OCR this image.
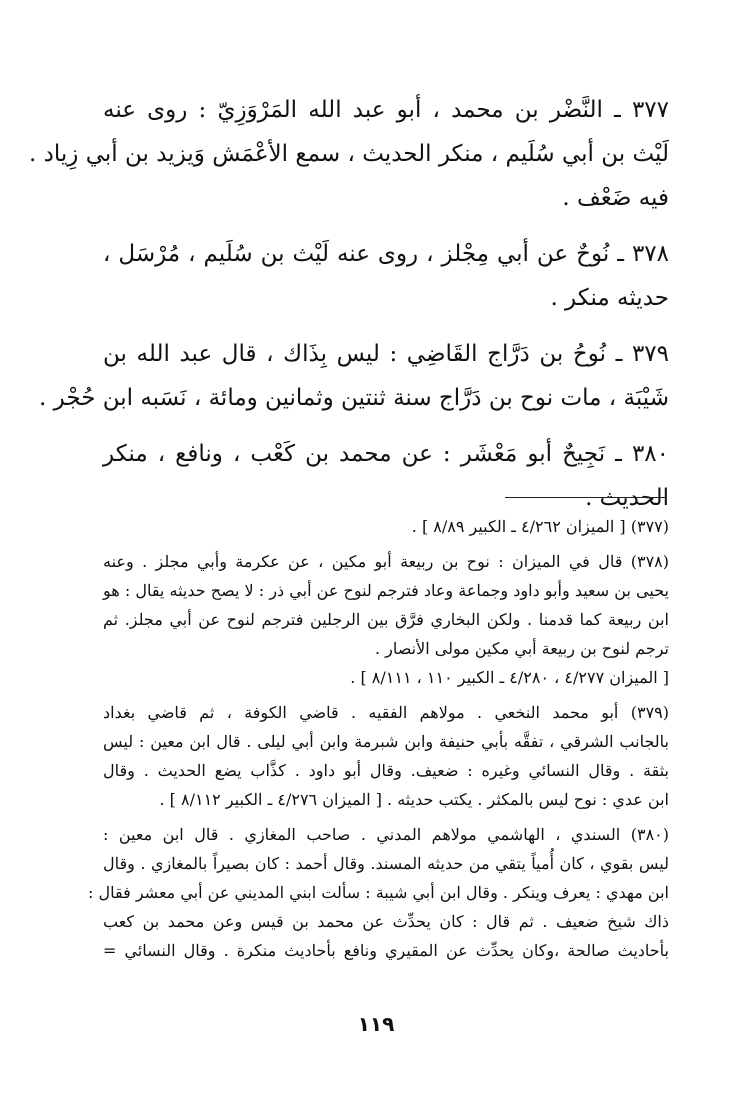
٣٧٧ ـ النَّضْر بن محمد ، أبو عبد الله المَرْوَزِيّ : روى عنه
لَيْث بن أبي سُلَيم ، منكر الحديث ، سمع الأعْمَش وَيزيد بن أبي زِياد .
فيه ضَعْف .
٣٧٨ ـ نُوحٌ عن أبي مِجْلز ، روى عنه لَيْث بن سُلَيم ، مُرْسَل ،
حديثه منكر .
٣٧٩ ـ نُوحُ بن دَرَّاج القَاضِي : ليس بِذَاك ، قال عبد الله بن
شَيْبَة ، مات نوح بن دَرَّاج سنة ثنتين وثمانين ومائة ، نَسَبه ابن حُجْر .
٣٨٠ ـ نَجِيحٌ أبو مَعْشَر : عن محمد بن كَعْب ، ونافع ، منكر
الحديث .
(٣٧٧) [ الميزان ٤/٢٦٢ ـ الكبير ٨/٨٩ ] .
(٣٧٨) قال في الميزان : نوح بن ربيعة أبو مكين ، عن عكرمة وأبي مجلز . وعنه
يحيى بن سعيد وأبو داود وجماعة وعاد فترجم لنوح عن أبي ذر : لا يصح حديثه يقال : هو
ابن ربيعة كما قدمنا . ولكن البخاري فرَّق بين الرجلين فترجم لنوح عن أبي مجلز. ثم
ترجم لنوح بن ربيعة أبي مكين مولى الأنصار .
[ الميزان ٤/٢٧٧ ، ٤/٢٨٠ ـ الكبير ١١٠ ، ٨/١١١ ] .
(٣٧٩) أبو محمد النخعي . مولاهم الفقيه . قاضي الكوفة ، ثم قاضي بغداد
بالجانب الشرقي ، تفقَّه بأبي حنيفة وابن شبرمة وابن أبي ليلى . قال ابن معين : ليس
بثقة . وقال النسائي وغيره : ضعيف. وقال أبو داود . كذَّاب يضع الحديث . وقال
ابن عدي : نوح ليس بالمكثر . يكتب حديثه . [ الميزان ٤/٢٧٦ ـ الكبير ٨/١١٢ ] .
(٣٨٠) السندي ، الهاشمي مولاهم المدني . صاحب المغازي . قال ابن معين :
ليس بقوي ، كان أُمياً يتقي من حديثه المسند. وقال أحمد : كان بصيراً بالمغازي . وقال
ابن مهدي : يعرف وينكر . وقال ابن أبي شيبة : سألت ابني المديني عن أبي معشر فقال :
ذاك شيخ ضعيف . ثم قال : كان يحدِّث عن محمد بن قيس وعن محمد بن كعب
بأحاديث صالحة ،وكان يحدِّث عن المقيري ونافع بأحاديث منكرة . وقال النسائي =
١١٩
